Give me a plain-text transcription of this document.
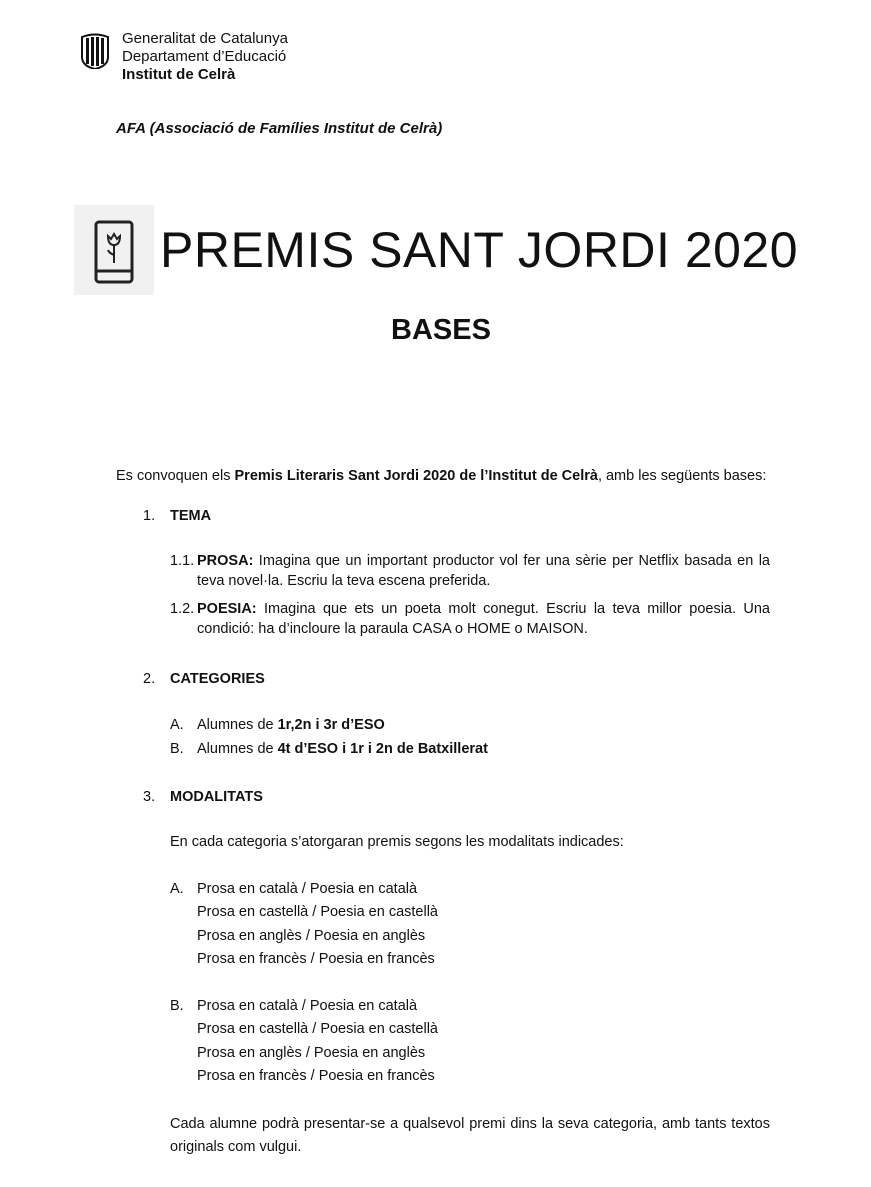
Generalitat de Catalunya
Departament d’Educació
Institut de Celrà
AFA (Associació de Famílies Institut de Celrà)
PREMIS SANT JORDI 2020
BASES
Es convoquen els Premis Literaris Sant Jordi 2020 de l’Institut de Celrà, amb les següents bases:
1.	TEMA
1.1. PROSA: Imagina que un important productor vol fer una sèrie per Netflix basada en la teva novel·la. Escriu la teva escena preferida.
1.2. POESIA: Imagina que ets un poeta molt conegut. Escriu la teva millor poesia. Una condició: ha d’incloure la paraula CASA o HOME o MAISON.
2.	CATEGORIES
A. Alumnes de 1r,2n i 3r d’ESO
B. Alumnes de 4t d’ESO i 1r i 2n de Batxillerat
3.	MODALITATS
En cada categoria s’atorgaran premis segons les modalitats indicades:
A. Prosa en català / Poesia en català
Prosa en castellà / Poesia en castellà
Prosa en anglès / Poesia en anglès
Prosa en francès / Poesia en francès
B. Prosa en català / Poesia en català
Prosa en castellà / Poesia en castellà
Prosa en anglès / Poesia en anglès
Prosa en francès / Poesia en francès
Cada alumne podrà presentar-se a qualsevol premi dins la seva categoria, amb tants textos originals com vulgui.
